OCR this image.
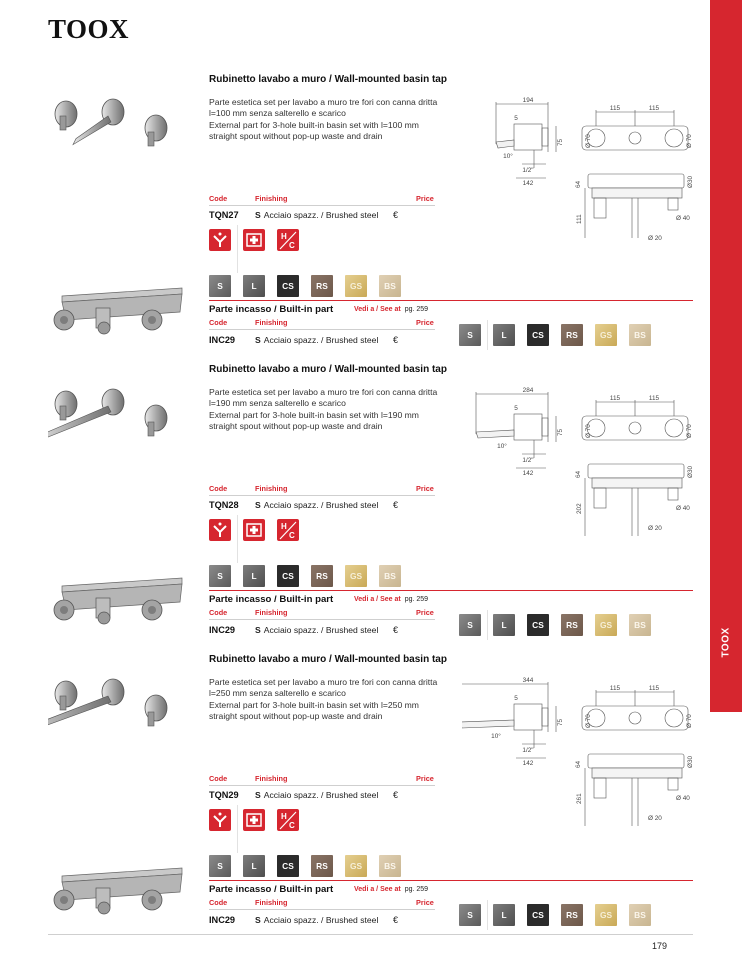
TOOX
TOOX
Rubinetto lavabo a muro / Wall-mounted basin tap

Parte estetica set per lavabo a muro tre fori con canna dritta l=100 mm senza salterello e scarico

External part for 3-hole built-in basin set with l=100 mm straight spout without pop-up waste and drain

194
5
10°
75
1/2"
142
115	115
Ø 70	Ø 70
64	Ø30
111	Ø 40
Ø 20
Code	Finishing	Price
TQN27 S Acciaio spazz. / Brushed steel €
H
C
S	L	CS	RS	GS	BS
Parte incasso / Built-in part	Vedi a / See at pg. 259
Code	Finishing	Price
INC29 S Acciaio spazz. / Brushed steel €	S	L	CS	RS	GS	BS
Rubinetto lavabo a muro / Wall-mounted basin tap

Parte estetica set per lavabo a muro tre fori con canna dritta l=190 mm senza salterello e scarico

External part for 3-hole built-in basin set with l=190 mm straight spout without pop-up waste and drain

284
5
10°
75
1/2"
142
115	115
Ø 70	Ø 70
64	Ø30
202	Ø 40
Ø 20
Code	Finishing	Price
TQN28 S Acciaio spazz. / Brushed steel €
H
C
S	L	CS	RS	GS	BS
Parte incasso / Built-in part	Vedi a / See at pg. 259
Code	Finishing	Price
INC29 S Acciaio spazz. / Brushed steel €	S	L	CS	RS	GS	BS
Rubinetto lavabo a muro / Wall-mounted basin tap

Parte estetica set per lavabo a muro tre fori con canna dritta l=250 mm senza salterello e scarico

External part for 3-hole built-in basin set with l=250 mm straight spout without pop-up waste and drain

344
5
10°
75
1/2"
142
115	115
Ø 70	Ø 70
64	Ø30
261	Ø 40
Ø 20
Code	Finishing	Price
TQN29 S Acciaio spazz. / Brushed steel €
H
C
S	L	CS	RS	GS	BS
Parte incasso / Built-in part	Vedi a / See at pg. 259
Code	Finishing	Price
INC29 S Acciaio spazz. / Brushed steel €	S	L	CS	RS	GS	BS
179
